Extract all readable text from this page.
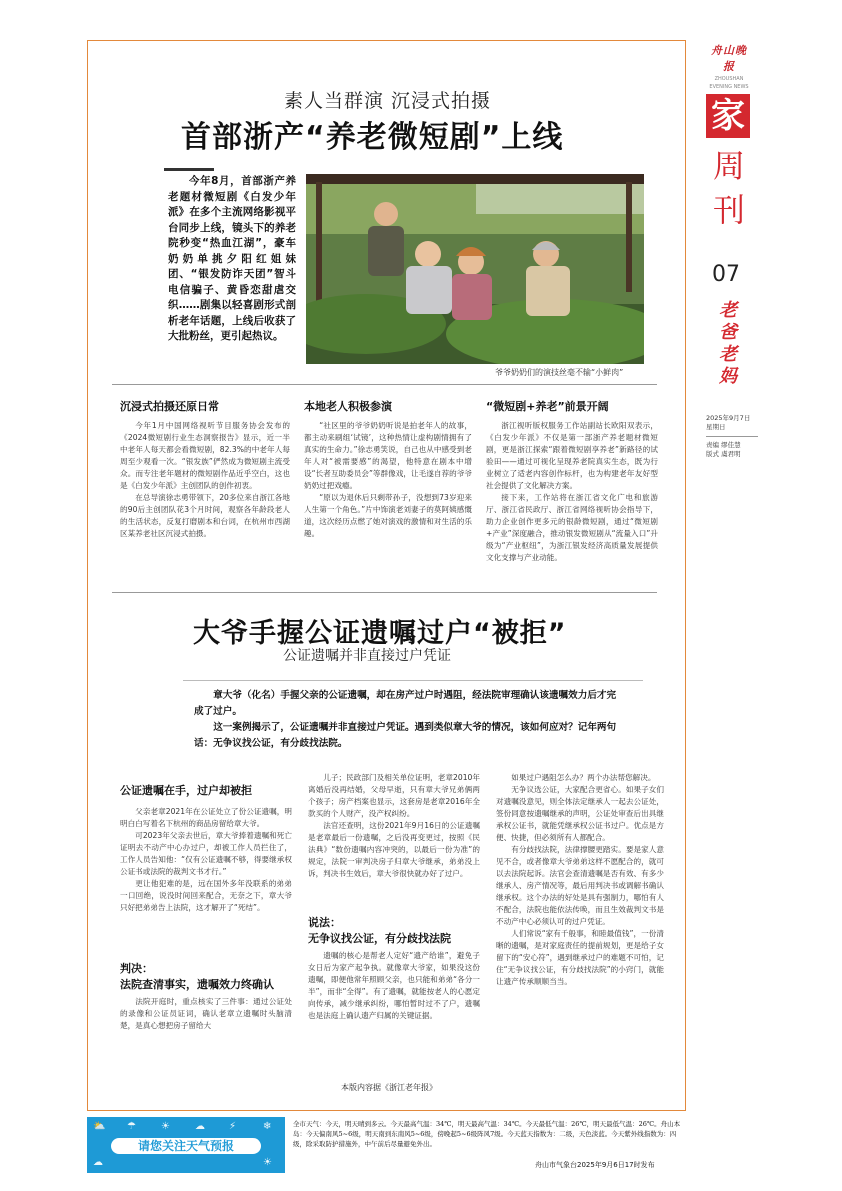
舟山晚报
ZHOUSHAN
EVENING NEWS
家
周
刊
07
老
爸
老
妈
2025年9月7日
星期日
责编 缪佳慧
版式 虞君明
素人当群演 沉浸式拍摄
首部浙产“养老微短剧”上线
今年8月，首部浙产养老题材微短剧《白发少年派》在多个主流网络影视平台同步上线，镜头下的养老院秒变“热血江湖”，豪车奶奶单挑夕阳红姐妹团、“银发防诈天团”智斗电信骗子、黄昏恋甜虐交织……剧集以轻喜剧形式剖析老年话题，上线后收获了大批粉丝，更引起热议。
爷爷奶奶们的演技丝毫不输“小鲜肉”
沉浸式拍摄还原日常

今年1月中国网络视听节目服务协会发布的《2024微短剧行业生态洞察报告》显示，近一半中老年人每天都会看微短剧，82.3%的中老年人每周至少观看一次。“银发族”俨然成为微短剧主流受众。而专注老年题材的微短剧作品近乎空白，这也是《白发少年派》主创团队的创作初衷。

在总导演徐志勇带领下，20多位来自浙江各地的90后主创团队花3个月时间，观察各年龄段老人的生活状态，反复打磨剧本和台词，在杭州市西湖区某养老社区沉浸式拍摄。

本地老人积极参演

“社区里的爷爷奶奶听说是拍老年人的故事，都主动来刷组‘试镜’，这种热情让虚构剧情拥有了真实的生命力。”徐志勇笑说，自己也从中感受到老年人对“被需要感”的渴望，他特意在剧本中增设“长者互助委员会”等群像戏，让毛遂自荐的爷爷奶奶过把戏瘾。

“原以为退休后只剩带孙子，没想到73岁迎来人生第一个角色。”片中饰演老刘妻子的莫阿姨感慨道，这次经历点燃了她对演戏的激情和对生活的乐趣。

“微短剧+养老”前景开阔

浙江视听版权服务工作站副站长欧阳双表示，《白发少年派》不仅是第一部浙产养老题材微短剧，更是浙江探索“跟着微短剧享养老”新路径的试验田——通过可视化呈现养老院真实生态，既为行业树立了适老内容创作标杆，也为构建老年友好型社会提供了文化解决方案。

接下来，工作站将在浙江省文化广电和旅游厅、浙江省民政厅、浙江省网络视听协会指导下，助力企业创作更多元的银龄微短剧，通过“微短剧+产业”深度融合，推动银发微短剧从“流量入口”升级为“产业枢纽”，为浙江银发经济高质量发展提供文化支撑与产业动能。

大爷手握公证遗嘱过户“被拒”
公证遗嘱并非直接过户凭证

章大爷（化名）手握父亲的公证遗嘱，却在房产过户时遇阻，经法院审理确认该遗嘱效力后才完成了过户。

这一案例揭示了，公证遗嘱并非直接过户凭证。遇到类似章大爷的情况，该如何应对？记年两句话：无争议找公证，有分歧找法院。

公证遗嘱在手，过户却被拒

父亲老章2021年在公证处立了份公证遗嘱，明明白白写着名下杭州的商品房留给章大爷。

可2023年父亲去世后，章大爷捧着遗嘱和死亡证明去不动产中心办过户，却被工作人员拦住了，工作人员告知他：“仅有公证遗嘱不够，得要继承权公证书或法院的裁判文书才行。”

更让他犯难的是，远在国外多年没联系的弟弟一口回绝，说没时间回来配合，无奈之下，章大爷只好把弟弟告上法院，这才解开了“死结”。

判决：
法院查清事实，遗嘱效力终确认

法院开庭时，重点核实了三件事：通过公证处的录像和公证员证词，确认老章立遗嘱时头脑清楚，是真心想把房子留给大

儿子；民政部门及相关单位证明，老章2010年离婚后没再结婚，父母早逝，只有章大爷兄弟俩两个孩子；房产档案也显示，这套房是老章2016年全款买的个人财产，没产权纠纷。

法官还查明，这份2021年9月16日的公证遗嘱是老章最后一份遗嘱，之后没再变更过，按照《民法典》“数份遗嘱内容冲突的，以最后一份为准”的规定，法院一审判决房子归章大爷继承，弟弟没上诉，判决书生效后，章大爷很快就办好了过户。

说法：
无争议找公证，有分歧找法院

遗嘱的核心是帮老人定好“遗产给谁”，避免子女日后为家产起争执。就像章大爷家，如果没这份遗嘱，即便他常年照顾父亲，也只能和弟弟“各分一半”，而非“全得”。有了遗嘱，就能按老人的心愿定向传承，减少继承纠纷，哪怕暂时过不了户，遗嘱也是法庭上确认遗产归属的关键证据。

如果过户遇阻怎么办？两个办法帮您解决。

无争议选公证，大家配合更省心。如果子女们对遗嘱没意见，则全体法定继承人一起去公证处，签份同意按遗嘱继承的声明，公证处审查后出具继承权公证书，就能凭继承权公证书过户。优点是方便、快捷，但必须所有人都配合。

有分歧找法院，法律撑腰更踏实。要是家人意见不合，或者像章大爷弟弟这样不愿配合的，就可以去法院起诉。法官会查清遗嘱是否有效、有多少继承人、房产情况等，最后用判决书或调解书确认继承权。这个办法的好处是具有强制力，哪怕有人不配合，法院也能依法传唤，而且生效裁判文书是不动产中心必须认可的过户凭证。

人们常说“家有千般事，和睦最值钱”，一份清晰的遗嘱，是对家庭责任的提前规划，更是给子女留下的“安心符”，遇到继承过户的难题不可怕，记住“无争议找公证，有分歧找法院”的小窍门，就能让遗产传承顺顺当当。

本版内容据《浙江老年报》
⛅ ☂	☀	☁ ⚡	❄
☁	☀
请您关注天气预报
全市天气：今天，明天晴到多云。今天最高气温：34℃，明天最高气温：34℃。今天最低气温：26℃，明天最低气温：26℃。舟山本岛：今天偏南风5~6级，明天南到东南风5~6级，傍晚起5~6级阵风7级。今天蓝天指数为：二级，天色淡蓝。今天紫外线指数为：四级，除采取防护措施外，中午前后尽量避免外出。
舟山市气象台2025年9月6日17时发布
